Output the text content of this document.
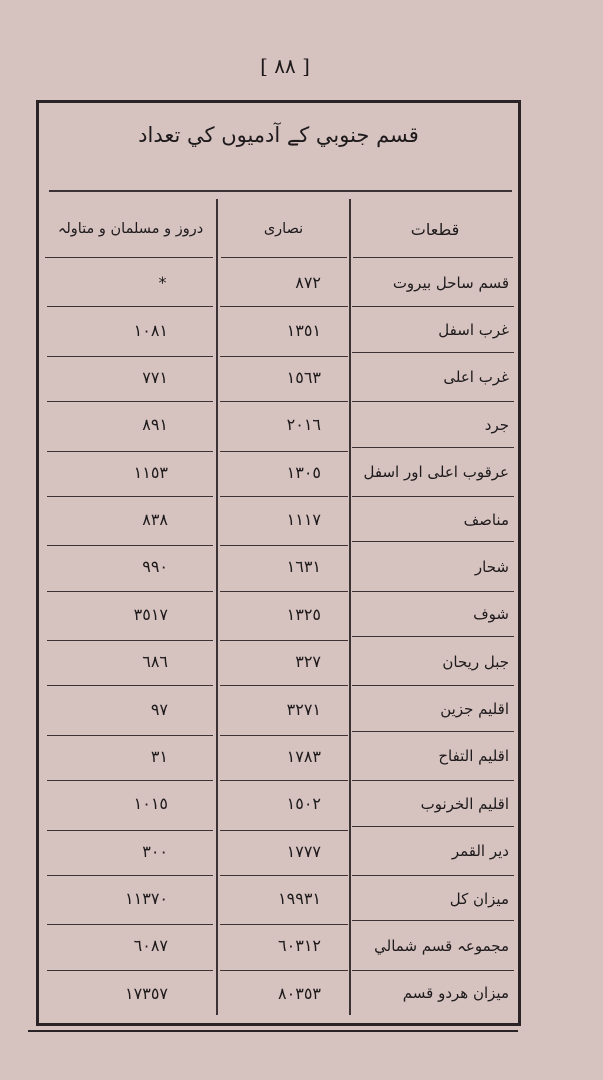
[ ٨٨ ]
قسم جنوبي کے آدميوں کي تعداد
دروز و مسلمان و متاولہ	نصاری	قطعات
*	٨٧٢	قسم ساحل بيروت
١٠٨١	١٣٥١	غرب اسفل
٧٧١	١٥٦٣	غرب اعلى
٨٩١	٢٠١٦	جرد
١١٥٣	١٣٠٥	عرقوب اعلى اور اسفل
٨٣٨	١١١٧	مناصف
٩٩٠	١٦٣١	شحار
٣٥١٧	١٣٢٥	شوف
٦٨٦	٣٢٧	جبل ريحان
٩٧	٣٢٧١	اقليم جزين
٣١	١٧٨٣	اقليم التفاح
١٠١٥	١٥٠٢	اقليم الخرنوب
٣٠٠	١٧٧٧	دير القمر
١١٣٧٠	١٩٩٣١	ميزان كل
٦٠٨٧	٦٠٣١٢	مجموعہ قسم شمالي
١٧٣٥٧	٨٠٣٥٣	ميزان هردو قسم
